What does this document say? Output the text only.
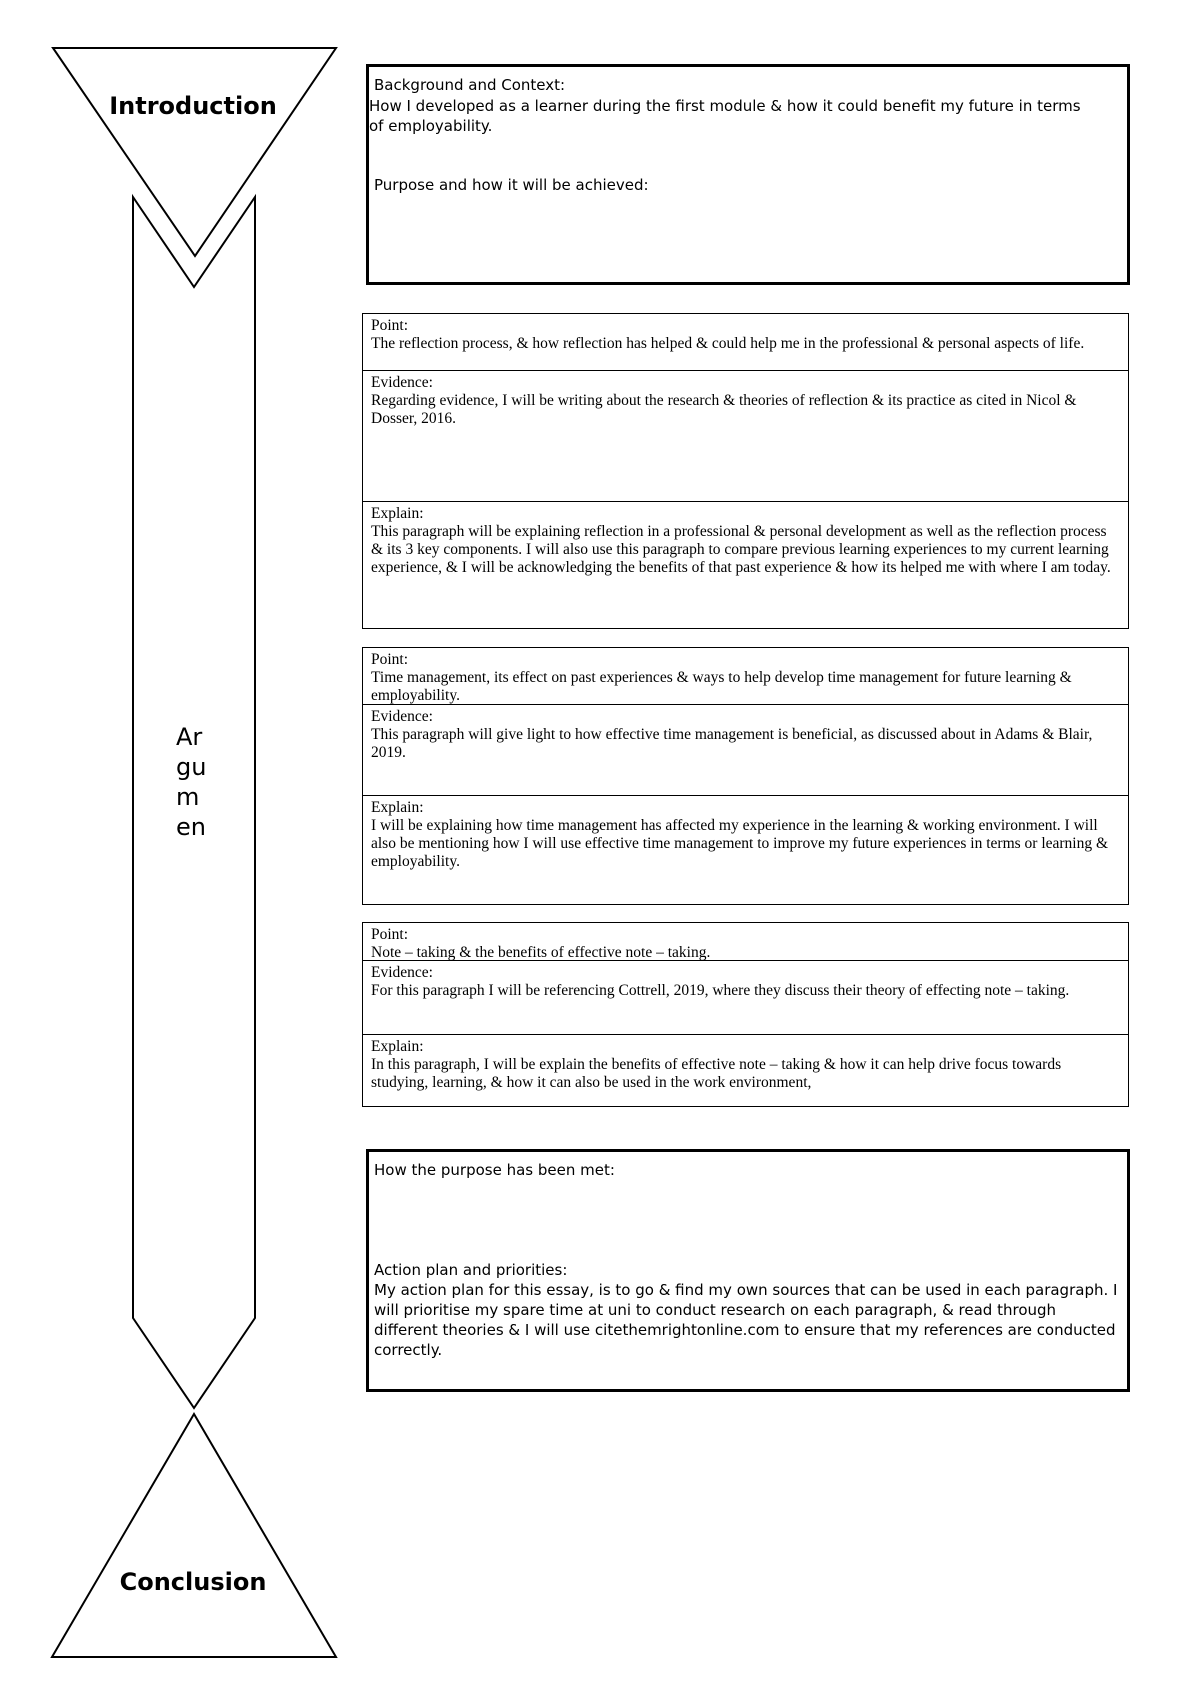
Introduction
Ar gu m en
Conclusion
Background and Context:
How I developed as a learner during the first module & how it could benefit my future in terms of employability.
Purpose and how it will be achieved:
Point:
The reflection process, & how reflection has helped & could help me in the professional & personal aspects of life.
Evidence:
Regarding evidence, I will be writing about the research & theories of reflection & its practice as cited in Nicol & Dosser, 2016.
Explain:
This paragraph will be explaining reflection in a professional & personal development as well as the reflection process & its 3 key components. I will also use this paragraph to compare previous learning experiences to my current learning experience, & I will be acknowledging the benefits of that past experience & how its helped me with where I am today.
Point:
Time management, its effect on past experiences & ways to help develop time management for future learning & employability.
Evidence:
This paragraph will give light to how effective time management is beneficial, as discussed about in Adams & Blair, 2019.
Explain:
I will be explaining how time management has affected my experience in the learning & working environment. I will also be mentioning how I will use effective time management to improve my future experiences in terms or learning & employability.
Point:
Note – taking & the benefits of effective note – taking.
Evidence:
For this paragraph I will be referencing Cottrell, 2019, where they discuss their theory of effecting note – taking.
Explain:
In this paragraph, I will be explain the benefits of effective note – taking & how it can help drive focus towards studying, learning, & how it can also be used in the work environment,
How the purpose has been met:
Action plan and priorities:
My action plan for this essay, is to go & find my own sources that can be used in each paragraph. I will prioritise my spare time at uni to conduct research on each paragraph, & read through different theories & I will use citethemrightonline.com to ensure that my references are conducted correctly.
